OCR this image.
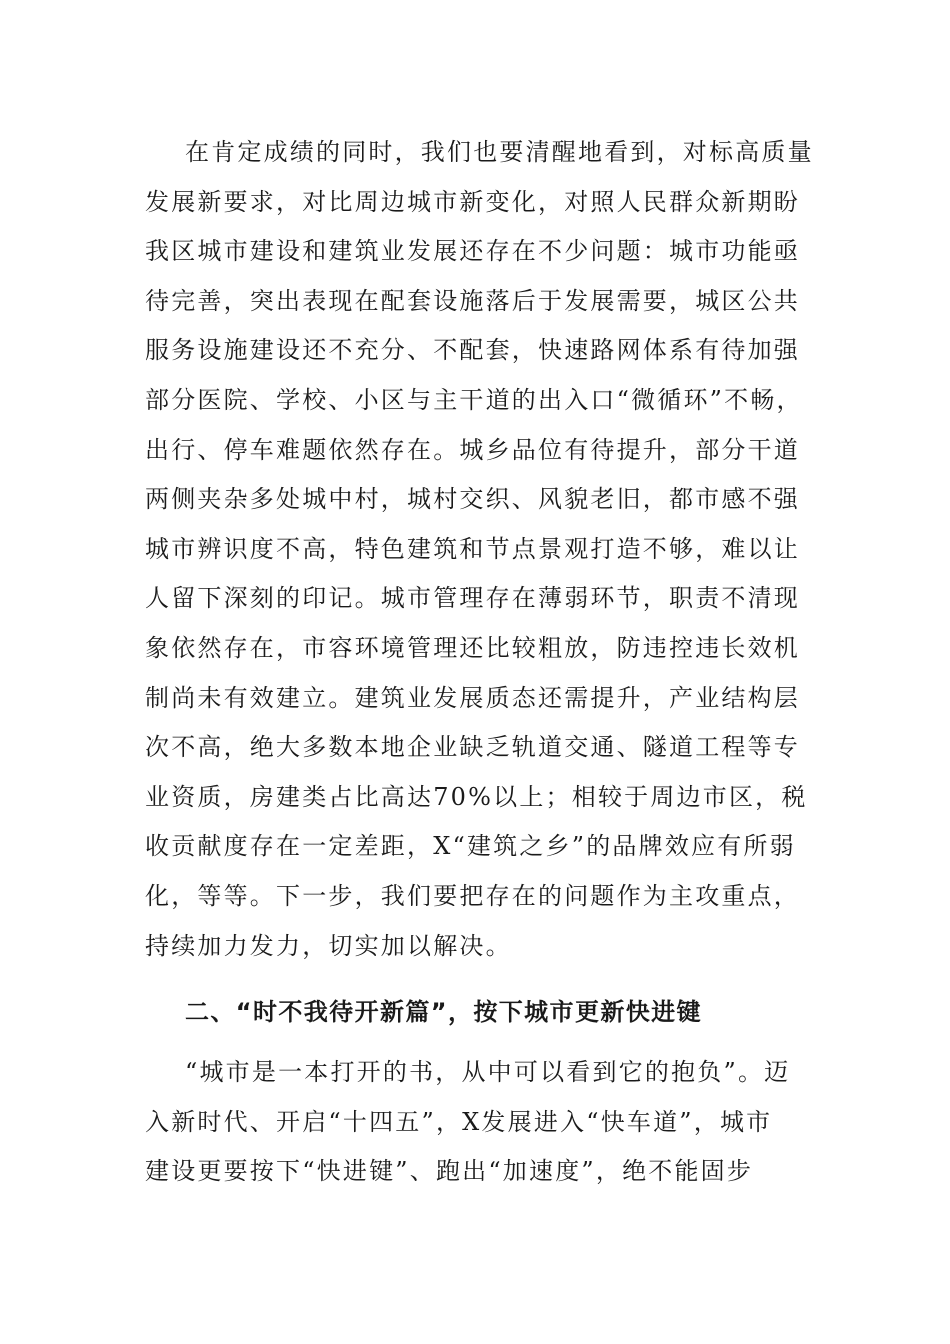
在肯定成绩的同时，我们也要清醒地看到，对标高质量
发展新要求，对比周边城市新变化，对照人民群众新期盼
我区城市建设和建筑业发展还存在不少问题：城市功能亟
待完善，突出表现在配套设施落后于发展需要，城区公共
服务设施建设还不充分、不配套，快速路网体系有待加强
部分医院、学校、小区与主干道的出入口“微循环”不畅，
出行、停车难题依然存在。城乡品位有待提升，部分干道
两侧夹杂多处城中村，城村交织、风貌老旧，都市感不强
城市辨识度不高，特色建筑和节点景观打造不够，难以让
人留下深刻的印记。城市管理存在薄弱环节，职责不清现
象依然存在，市容环境管理还比较粗放，防违控违长效机
制尚未有效建立。建筑业发展质态还需提升，产业结构层
次不高，绝大多数本地企业缺乏轨道交通、隧道工程等专
业资质，房建类占比高达70%以上；相较于周边市区，税
收贡献度存在一定差距，X“建筑之乡”的品牌效应有所弱
化，等等。下一步，我们要把存在的问题作为主攻重点，
持续加力发力，切实加以解决。
二、“时不我待开新篇”，按下城市更新快进键
“城市是一本打开的书，从中可以看到它的抱负”。迈
入新时代、开启“十四五”，X发展进入“快车道”，城市
建设更要按下“快进键”、跑出“加速度”，绝不能固步
